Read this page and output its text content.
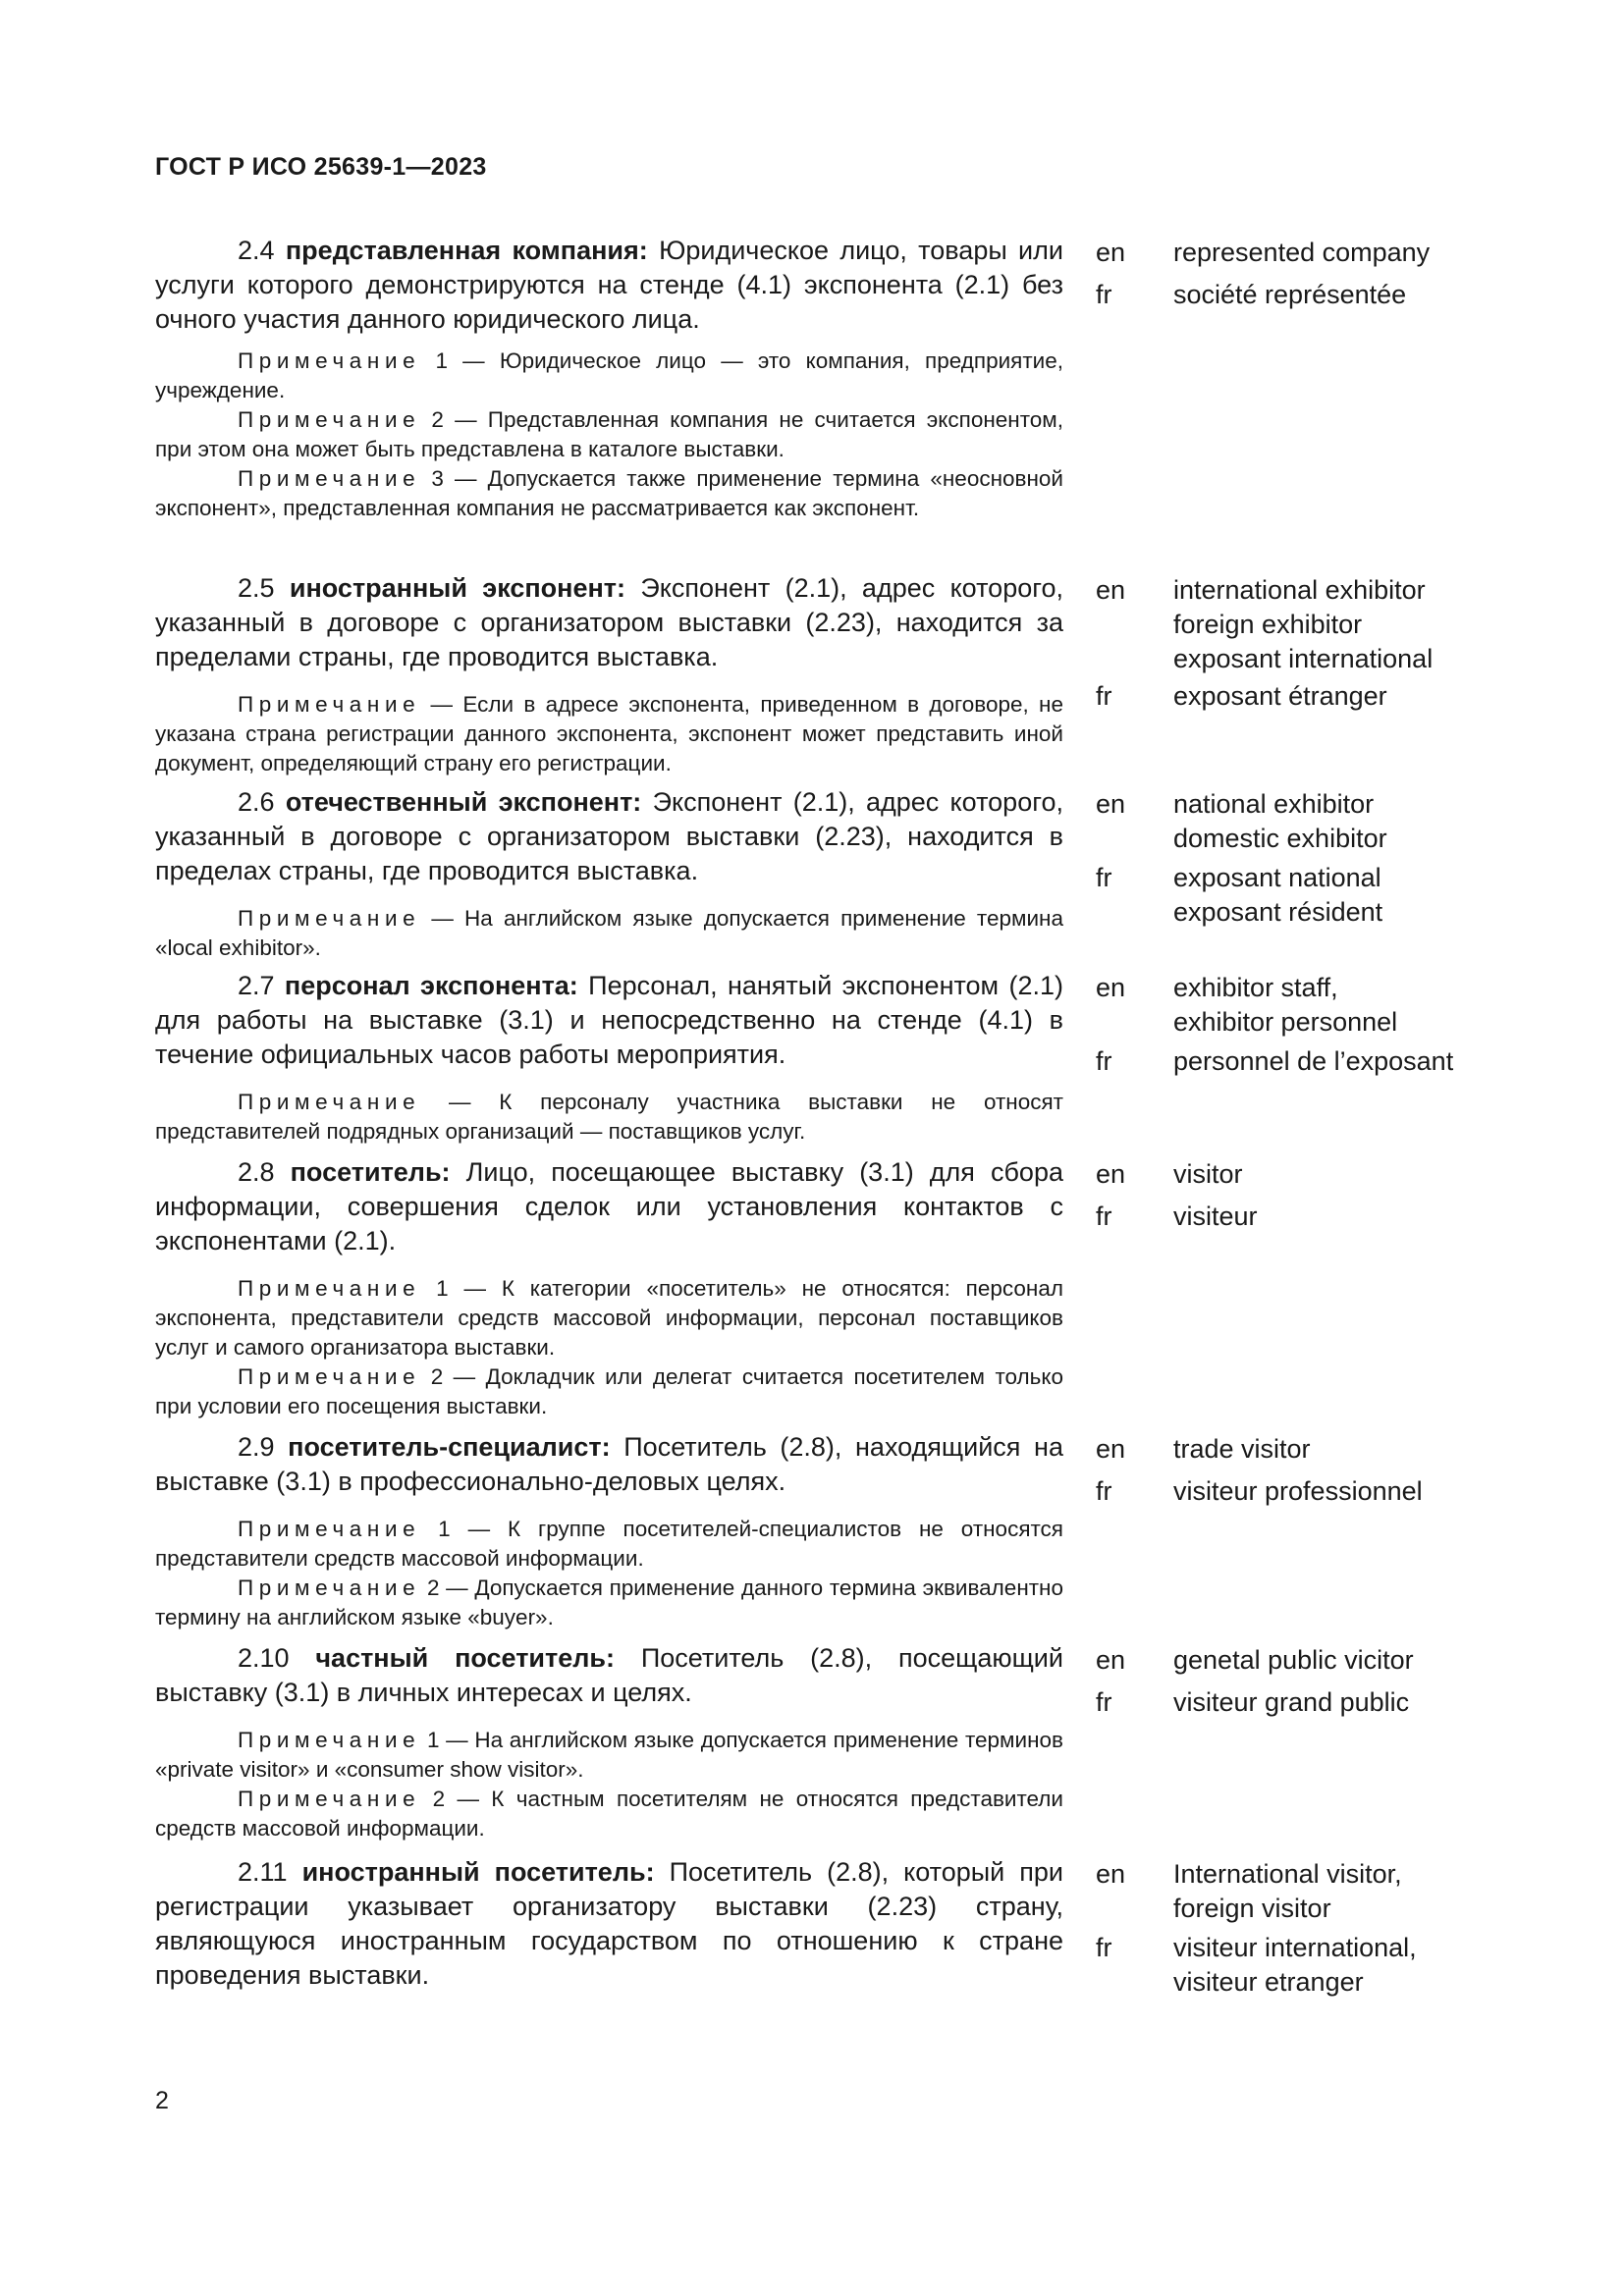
ГОСТ Р ИСО 25639-1—2023

2.4 представленная компания: Юридическое лицо, товары или услуги которого демонстрируются на стенде (4.1) экспонента (2.1) без очного участия данного юридического лица.

Примечание 1 — Юридическое лицо — это компания, предприятие, учреждение.

Примечание 2 — Представленная компания не считается экспонентом, при этом она может быть представлена в каталоге выставки.

Примечание 3 — Допускается также применение термина «неосновной экспонент», представленная компания не рассматривается как экспонент.

en
fr
represented company
société représentée

2.5 иностранный экспонент: Экспонент (2.1), адрес которого, указанный в договоре с организатором выставки (2.23), находится за пределами страны, где проводится выставка.

Примечание — Если в адресе экспонента, приведенном в договоре, не указана страна регистрации данного экспонента, экспонент может представить иной документ, определяющий страну его регистрации.

en
fr
international exhibitor
foreign exhibitor
exposant international
exposant étranger

2.6 отечественный экспонент: Экспонент (2.1), адрес которого, указанный в договоре с организатором выставки (2.23), находится в пределах страны, где проводится выставка.

Примечание — На английском языке допускается применение термина «local exhibitor».

en
fr
national exhibitor
domestic exhibitor
exposant national
exposant résident

2.7 персонал экспонента: Персонал, нанятый экспонентом (2.1) для работы на выставке (3.1) и непосредственно на стенде (4.1) в течение официальных часов работы мероприятия.

Примечание — К персоналу участника выставки не относят представителей подрядных организаций — поставщиков услуг.

en
fr
exhibitor staff,
exhibitor personnel
personnel de l’exposant

2.8 посетитель: Лицо, посещающее выставку (3.1) для сбора информации, совершения сделок или установления контактов с экспонентами (2.1).

Примечание 1 — К категории «посетитель» не относятся: персонал экспонента, представители средств массовой информации, персонал поставщиков услуг и самого организатора выставки.

Примечание 2 — Докладчик или делегат считается посетителем только при условии его посещения выставки.

en
fr
visitor
visiteur

2.9 посетитель-специалист: Посетитель (2.8), находящийся на выставке (3.1) в профессионально-деловых целях.

Примечание 1 — К группе посетителей-специалистов не относятся представители средств массовой информации.

Примечание 2 — Допускается применение данного термина эквивалентно термину на английском языке «buyer».

en
fr
trade visitor
visiteur professionnel

2.10 частный посетитель: Посетитель (2.8), посещающий выставку (3.1) в личных интересах и целях.

Примечание 1 — На английском языке допускается применение терминов «private visitor» и «consumer show visitor».

Примечание 2 — К частным посетителям не относятся представители средств массовой информации.

en
fr
genetal public vicitor
visiteur grand public

2.11 иностранный посетитель: Посетитель (2.8), который при регистрации указывает организатору выставки (2.23) страну, являющуюся иностранным государством по отношению к стране проведения выставки.

en
fr
International visitor,
foreign visitor
visiteur international,
visiteur etranger
2
